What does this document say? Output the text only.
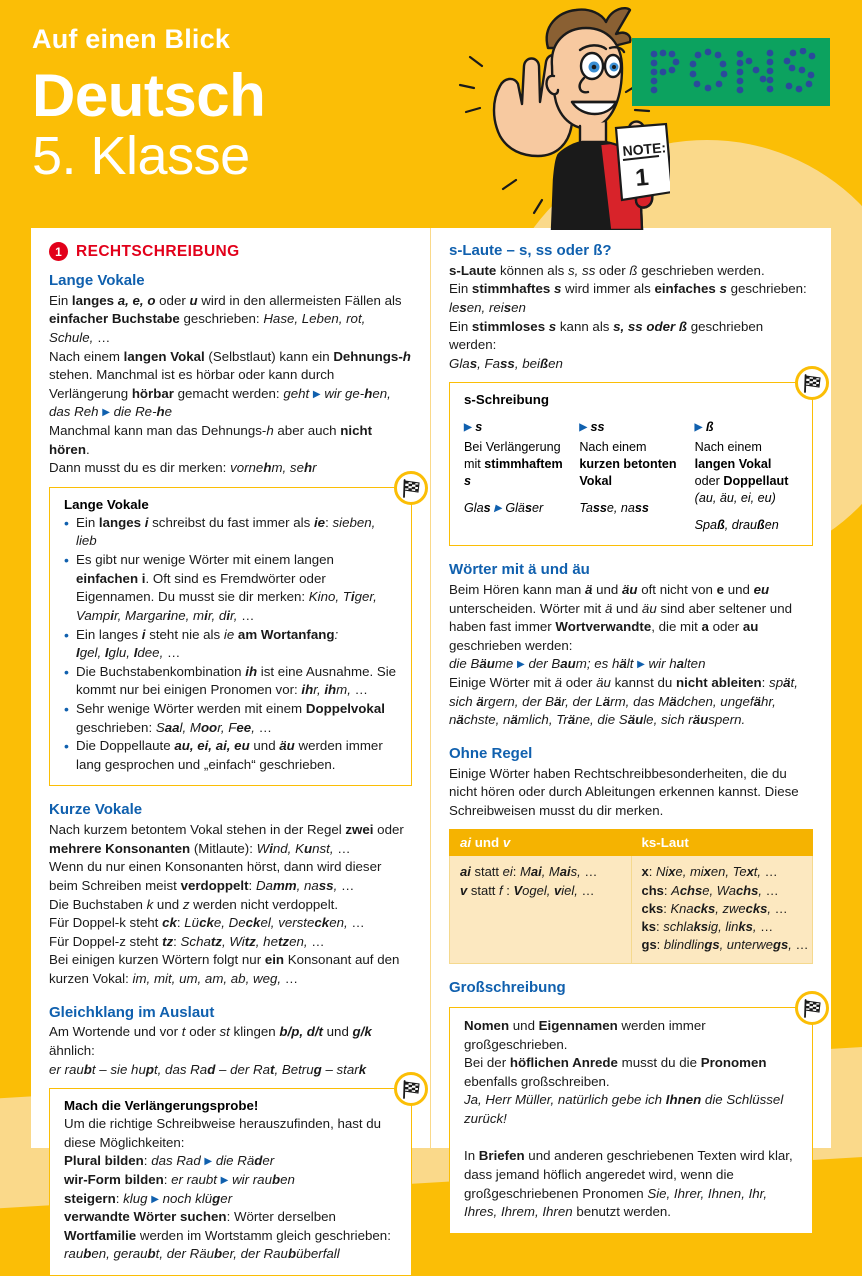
Auf einen Blick
Deutsch
5. Klasse	NOTE:
1
1 RECHTSCHREIBUNG
Lange Vokale

Ein langes a, e, o oder u wird in den allermeisten Fällen als einfacher Buchstabe geschrieben: Hase, Leben, rot, Schule, …

Nach einem langen Vokal (Selbstlaut) kann ein Dehnungs-h stehen. Manchmal ist es hörbar oder kann durch Verlängerung hörbar gemacht werden: geht ▶ wir ge-hen, das Reh ▶ die Re-he

Manchmal kann man das Dehnungs-h aber auch nicht hören.

Dann musst du es dir merken: vornehm, sehr

Lange Vokale
• Ein langes i schreibst du fast immer als ie: sieben, lieb
• Es gibt nur wenige Wörter mit einem langen einfachen i. Oft sind es Fremdwörter oder Eigennamen. Du musst sie dir merken: Kino, Tiger, Vampir, Margarine, mir, dir, …
• Ein langes i steht nie als ie am Wortanfang:
Igel, Iglu, Idee, …
• Die Buchstabenkombination ih ist eine Ausnahme. Sie kommt nur bei einigen Pronomen vor: ihr, ihm, …
• Sehr wenige Wörter werden mit einem Doppelvokal geschrieben: Saal, Moor, Fee, …
• Die Doppellaute au, ei, ai, eu und äu werden immer lang gesprochen und „einfach“ geschrieben.
Kurze Vokale

Nach kurzem betontem Vokal stehen in der Regel zwei oder mehrere Konsonanten (Mitlaute): Wind, Kunst, …

Wenn du nur einen Konsonanten hörst, dann wird dieser beim Schreiben meist verdoppelt: Damm, nass, …

Die Buchstaben k und z werden nicht verdoppelt.

Für Doppel-k steht ck: Lücke, Deckel, verstecken, …

Für Doppel-z steht tz: Schatz, Witz, hetzen, …

Bei einigen kurzen Wörtern folgt nur ein Konsonant auf den kurzen Vokal: im, mit, um, am, ab, weg, …

Gleichklang im Auslaut

Am Wortende und vor t oder st klingen b/p, d/t und g/k ähnlich:

er raubt – sie hupt, das Rad – der Rat, Betrug – stark

Mach die Verlängerungsprobe!

Um die richtige Schreibweise herauszufinden, hast du diese Möglichkeiten:

Plural bilden: das Rad ▶ die Räder

wir-Form bilden: er raubt ▶ wir rauben

steigern: klug ▶ noch klüger

verwandte Wörter suchen: Wörter derselben Wortfamilie werden im Wortstamm gleich geschrieben: rauben, geraubt, der Räuber, der Raubüberfall

s-Laute – s, ss oder ß?

s-Laute können als s, ss oder ß geschrieben werden.

Ein stimmhaftes s wird immer als einfaches s geschrieben:

lesen, reisen

Ein stimmloses s kann als s, ss oder ß geschrieben werden:

Glas, Fass, beißen

s-Schreibung
▶ s
Bei Verlängerung mit stimmhaftem s
Glas ▶ Gläser
▶ ss
Nach einem kurzen betonten Vokal
Tasse, nass
▶ ß
Nach einem langen Vokal oder Doppellaut (au, äu, ei, eu)
Spaß, draußen
Wörter mit ä und äu

Beim Hören kann man ä und äu oft nicht von e und eu unterscheiden. Wörter mit ä und äu sind aber seltener und haben fast immer Wortverwandte, die mit a oder au geschrieben werden:

die Bäume ▶ der Baum; es hält ▶ wir halten

Einige Wörter mit ä oder äu kannst du nicht ableiten: spät, sich ärgern, der Bär, der Lärm, das Mädchen, ungefähr, nächste, nämlich, Träne, die Säule, sich räuspern.

Ohne Regel

Einige Wörter haben Rechtschreibbesonderheiten, die du nicht hören oder durch Ableitungen erkennen kannst. Diese Schreibweisen musst du dir merken.

ai und v	ks-Laut

ai statt ei: Mai, Mais, …
v statt f : Vogel, viel, …

x: Nixe, mixen, Text, …
chs: Achse, Wachs, …
cks: Knacks, zwecks, …
ks: schlaksig, links, …
gs: blindlings, unterwegs, …
Großschreibung

Nomen und Eigennamen werden immer großgeschrieben.

Bei der höflichen Anrede musst du die Pronomen ebenfalls großschreiben.

Ja, Herr Müller, natürlich gebe ich Ihnen die Schlüssel zurück!

In Briefen und anderen geschriebenen Texten wird klar, dass jemand höflich angeredet wird, wenn die großgeschriebenen Pronomen Sie, Ihrer, Ihnen, Ihr, Ihres, Ihrem, Ihren benutzt werden.
